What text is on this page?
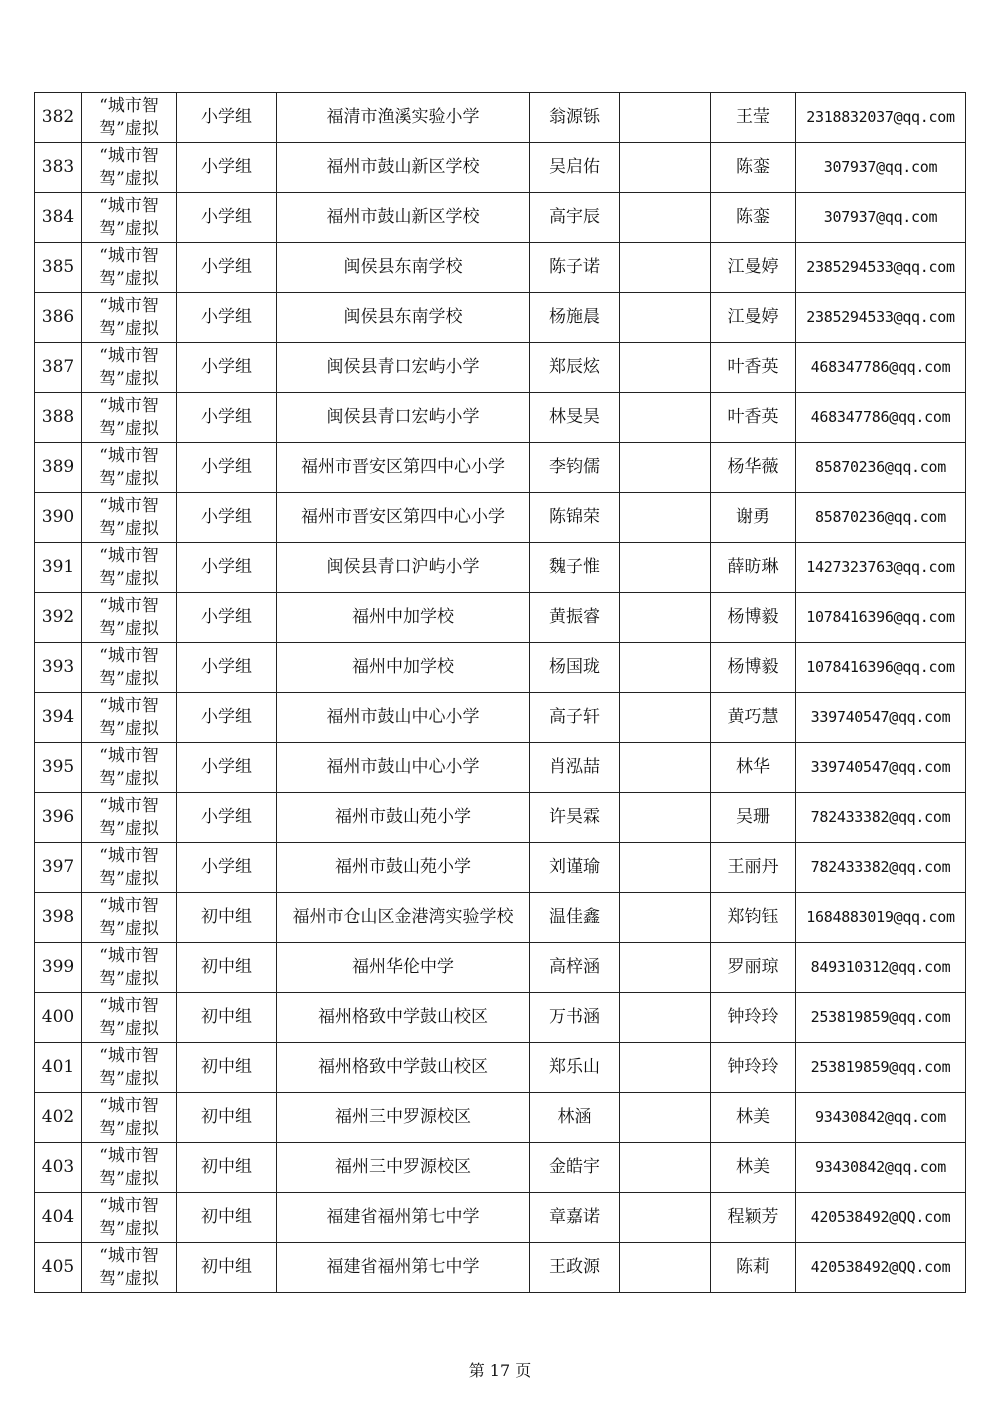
382	“城市智
驾”虚拟	小学组	福清市渔溪实验小学	翁源铄		王莹	2318832037@qq.com
383	“城市智
驾”虚拟	小学组	福州市鼓山新区学校	吴启佑		陈銮	307937@qq.com
384	“城市智
驾”虚拟	小学组	福州市鼓山新区学校	高宇辰		陈銮	307937@qq.com
385	“城市智
驾”虚拟	小学组	闽侯县东南学校	陈子诺		江曼婷	2385294533@qq.com
386	“城市智
驾”虚拟	小学组	闽侯县东南学校	杨施晨		江曼婷	2385294533@qq.com
387	“城市智
驾”虚拟	小学组	闽侯县青口宏屿小学	郑辰炫		叶香英	468347786@qq.com
388	“城市智
驾”虚拟	小学组	闽侯县青口宏屿小学	林旻昊		叶香英	468347786@qq.com
389	“城市智
驾”虚拟	小学组	福州市晋安区第四中心小学	李钧儒		杨华薇	85870236@qq.com
390	“城市智
驾”虚拟	小学组	福州市晋安区第四中心小学	陈锦荣		谢勇	85870236@qq.com
391	“城市智
驾”虚拟	小学组	闽侯县青口沪屿小学	魏子惟		薛昉琳	1427323763@qq.com
392	“城市智
驾”虚拟	小学组	福州中加学校	黄振睿		杨博毅	1078416396@qq.com
393	“城市智
驾”虚拟	小学组	福州中加学校	杨国珑		杨博毅	1078416396@qq.com
394	“城市智
驾”虚拟	小学组	福州市鼓山中心小学	高子轩		黄巧慧	339740547@qq.com
395	“城市智
驾”虚拟	小学组	福州市鼓山中心小学	肖泓喆		林华	339740547@qq.com
396	“城市智
驾”虚拟	小学组	福州市鼓山苑小学	许昊霖		吴珊	782433382@qq.com
397	“城市智
驾”虚拟	小学组	福州市鼓山苑小学	刘谨瑜		王丽丹	782433382@qq.com
398	“城市智
驾”虚拟	初中组	福州市仓山区金港湾实验学校	温佳鑫		郑钧钰	1684883019@qq.com
399	“城市智
驾”虚拟	初中组	福州华伦中学	高梓涵		罗丽琼	849310312@qq.com
400	“城市智
驾”虚拟	初中组	福州格致中学鼓山校区	万书涵		钟玲玲	253819859@qq.com
401	“城市智
驾”虚拟	初中组	福州格致中学鼓山校区	郑乐山		钟玲玲	253819859@qq.com
402	“城市智
驾”虚拟	初中组	福州三中罗源校区	林涵		林美	93430842@qq.com
403	“城市智
驾”虚拟	初中组	福州三中罗源校区	金皓宇		林美	93430842@qq.com
404	“城市智
驾”虚拟	初中组	福建省福州第七中学	章嘉诺		程颖芳	420538492@QQ.com
405	“城市智
驾”虚拟	初中组	福建省福州第七中学	王政源		陈莉	420538492@QQ.com
第 17 页
